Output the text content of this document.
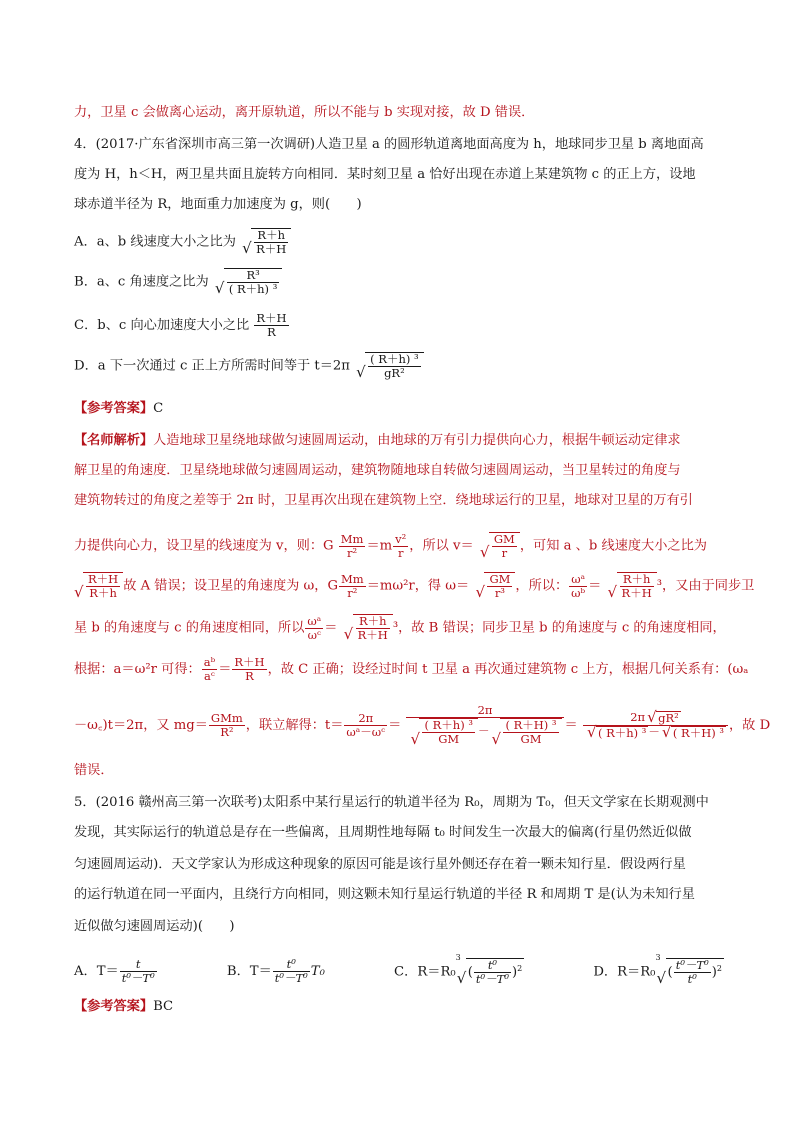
力，卫星 c 会做离心运动，离开原轨道，所以不能与 b 实现对接，故 D 错误．
4．(2017·广东省深圳市高三第一次调研)人造卫星 a 的圆形轨道离地面高度为 h，地球同步卫星 b 离地面高
度为 H，h＜H，两卫星共面且旋转方向相同．某时刻卫星 a 恰好出现在赤道上某建筑物 c 的正上方，设地
球赤道半径为 R，地面重力加速度为 g，则(　　)
A．a、b 线速度大小之比为
√ $\frac{R+h}{R+H}$
B．a、c 角速度之比为
√ $\frac{\text{R³}}{\text{( R＋h) ³}}$
C．b、c 向心加速度大小之比 $\frac{R+H}{R}$
D．a 下一次通过 c 正上方所需时间等于 t＝2π
√ $\frac{\text{( R＋h) ³}}{\text{gR²}}$
【参考答案】C
【名师解析】人造地球卫星绕地球做匀速圆周运动，由地球的万有引力提供向心力，根据牛顿运动定律求
解卫星的角速度．卫星绕地球做匀速圆周运动，建筑物随地球自转做匀速圆周运动，当卫星转过的角度与
建筑物转过的角度之差等于 2π 时，卫星再次出现在建筑物上空．绕地球运行的卫星，地球对卫星的万有引
力提供向心力，设卫星的线速度为 v，则：G $\frac{Mm}{\text{r²}} =m \frac{\text{v²}}{r}$ ，所以 v＝
√ $\frac{GM}{r}$ ，可知 a 、b 线速度大小之比为
√ $\frac{R+H}{R+h}$ 故 A 错误；设卫星的角速度为 ω，G $\frac{Mm}{\text{r²}} =m\omega^2r$，得 ω＝
√ $\frac{GM}{\text{r³}}$ ，所以： $\frac{\text{ωᵃ}}{\text{ωᵇ}}$ ＝
√ $\frac{R+h}{R+H} ^3$，又由于同步卫
星 b 的角速度与 c 的角速度相同，所以 $\frac{\text{ωᵃ}}{\text{ωᶜ}}$ ＝
√ $\frac{R+h}{R+H} ^3$，故 B 错误；同步卫星 b 的角速度与 c 的角速度相同，
根据：a＝ω²r 可得： $\frac{\text{aᵇ}}{\text{aᶜ}} = \frac{R+H}{R}$ ，故 C 正确；设经过时间 t 卫星 a 再次通过建筑物 c 上方，根据几何关系有：(ωₐ
－ω꜀)t＝2π，又 $mg= \frac{\text{GMm}}{\text{R²}}$ ，联立解得：$t= \frac{2\pi}{\text{ωᵃ－ωᶜ}} = 2\pi$
√ $\frac{\text{( R＋h) ³}}{GM}$ －
√ $\frac{\text{( R＋H) ³}}{GM} = 2\pi√$ gR²
√ ( R＋h) ³ －√ ( R＋H) ³ ，故 D
错误．
5．(2016 赣州高三第一次联考)太阳系中某行星运行的轨道半径为 R₀，周期为 T₀，但天文学家在长期观测中
发现，其实际运行的轨道总是存在一些偏离，且周期性地每隔 t₀ 时间发生一次最大的偏离(行星仍然近似做
匀速圆周运动)．天文学家认为形成这种现象的原因可能是该行星外侧还存在着一颗未知行星．假设两行星
的运行轨道在同一平面内，且绕行方向相同，则这颗未知行星运行轨道的半径 R 和周期 T 是(认为未知行星
近似做匀速圆周运动)(　　)
A．$T= \frac{t}{\text{t⁰－T⁰}}$	B．$T= \frac{\text{t⁰}}{\text{t⁰－T⁰}} T_0$	C．R＝R₀$^3$√ ( $\frac{\text{t⁰}}{\text{t⁰－T⁰}} )^2$	D．R＝R₀$^3$√ ( $\frac{\text{t⁰－T⁰}}{\text{t⁰}} )^2$
【参考答案】BC
